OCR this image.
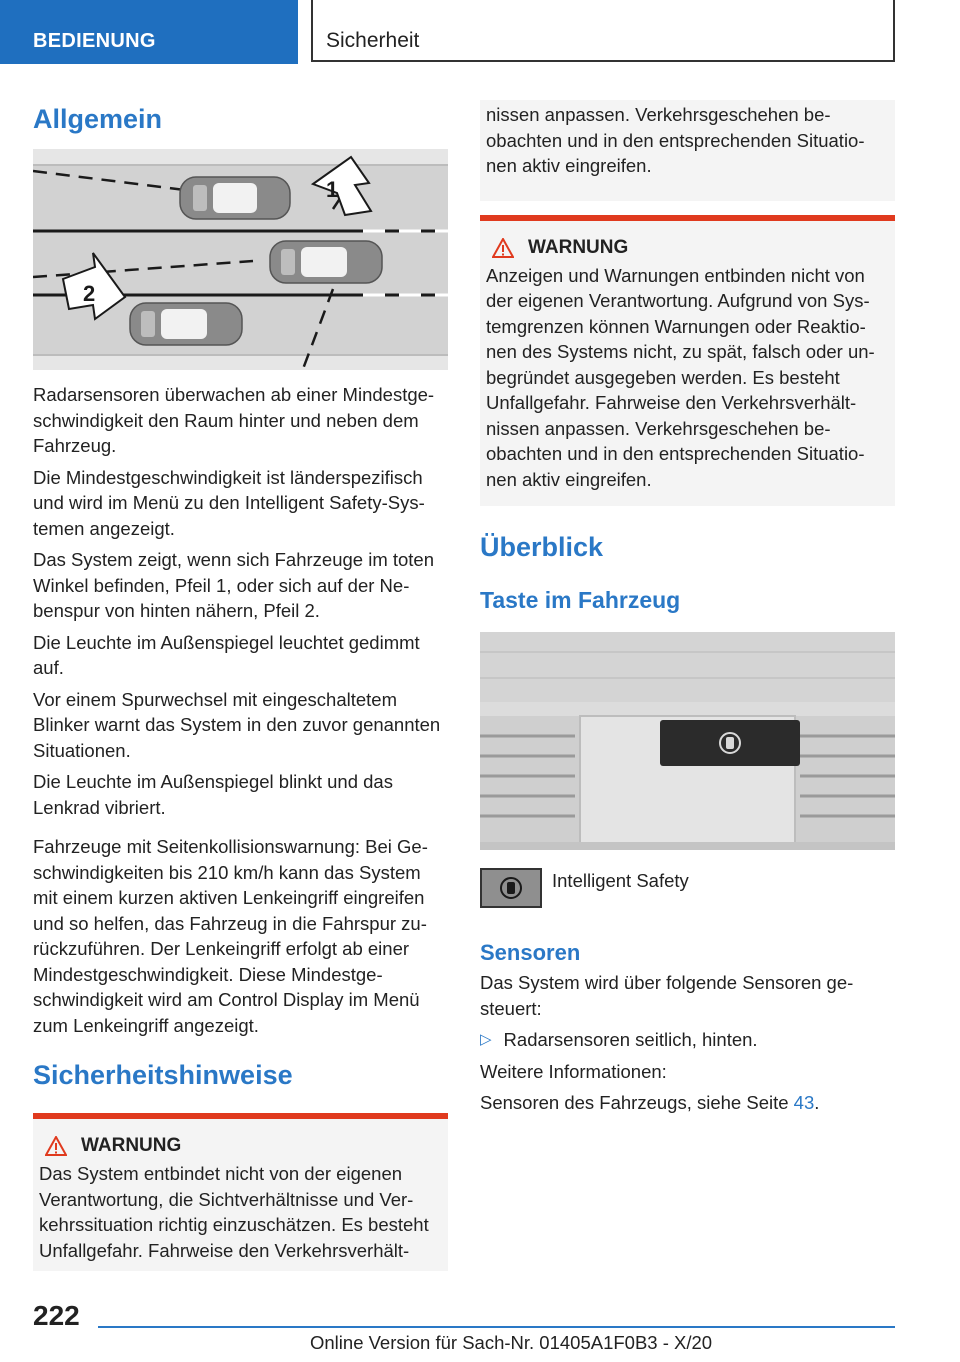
BEDIENUNG	Sicherheit
Allgemein
1
2

Radarsensoren überwachen ab einer Mindestgeschwindigkeit den Raum hinter und neben dem Fahrzeug.

Die Mindestgeschwindigkeit ist länderspezifisch und wird im Menü zu den Intelligent Safety-Systemen angezeigt.

Das System zeigt, wenn sich Fahrzeuge im toten Winkel befinden, Pfeil 1, oder sich auf der Nebenspur von hinten nähern, Pfeil 2.

Die Leuchte im Außenspiegel leuchtet gedimmt auf.

Vor einem Spurwechsel mit eingeschaltetem Blinker warnt das System in den zuvor genannten Situationen.

Die Leuchte im Außenspiegel blinkt und das Lenkrad vibriert.

Fahrzeuge mit Seitenkollisionswarnung: Bei Geschwindigkeiten bis 210 km/h kann das System mit einem kurzen aktiven Lenkeingriff eingreifen und so helfen, das Fahrzeug in die Fahrspur zurückzuführen. Der Lenkeingriff erfolgt ab einer Mindestgeschwindigkeit. Diese Mindestgeschwindigkeit wird am Control Display im Menü zum Lenkeingriff angezeigt.

Sicherheitshinweise
WARNUNG

Das System entbindet nicht von der eigenen Verantwortung, die Sichtverhältnisse und Verkehrssituation richtig einzuschätzen. Es besteht Unfallgefahr. Fahrweise den Verkehrsverhält-

nissen anpassen. Verkehrsgeschehen beobachten und in den entsprechenden Situationen aktiv eingreifen.

WARNUNG

Anzeigen und Warnungen entbinden nicht von der eigenen Verantwortung. Aufgrund von Systemgrenzen können Warnungen oder Reaktionen des Systems nicht, zu spät, falsch oder unbegründet ausgegeben werden. Es besteht Unfallgefahr. Fahrweise den Verkehrsverhältnissen anpassen. Verkehrsgeschehen beobachten und in den entsprechenden Situationen aktiv eingreifen.

Überblick
Taste im Fahrzeug

Intelligent Safety

Sensoren

Das System wird über folgende Sensoren gesteuert:

▷ Radarsensoren seitlich, hinten.

Weitere Informationen:

Sensoren des Fahrzeugs, siehe Seite 43.

222
Online Version für Sach-Nr. 01405A1F0B3 - X/20
